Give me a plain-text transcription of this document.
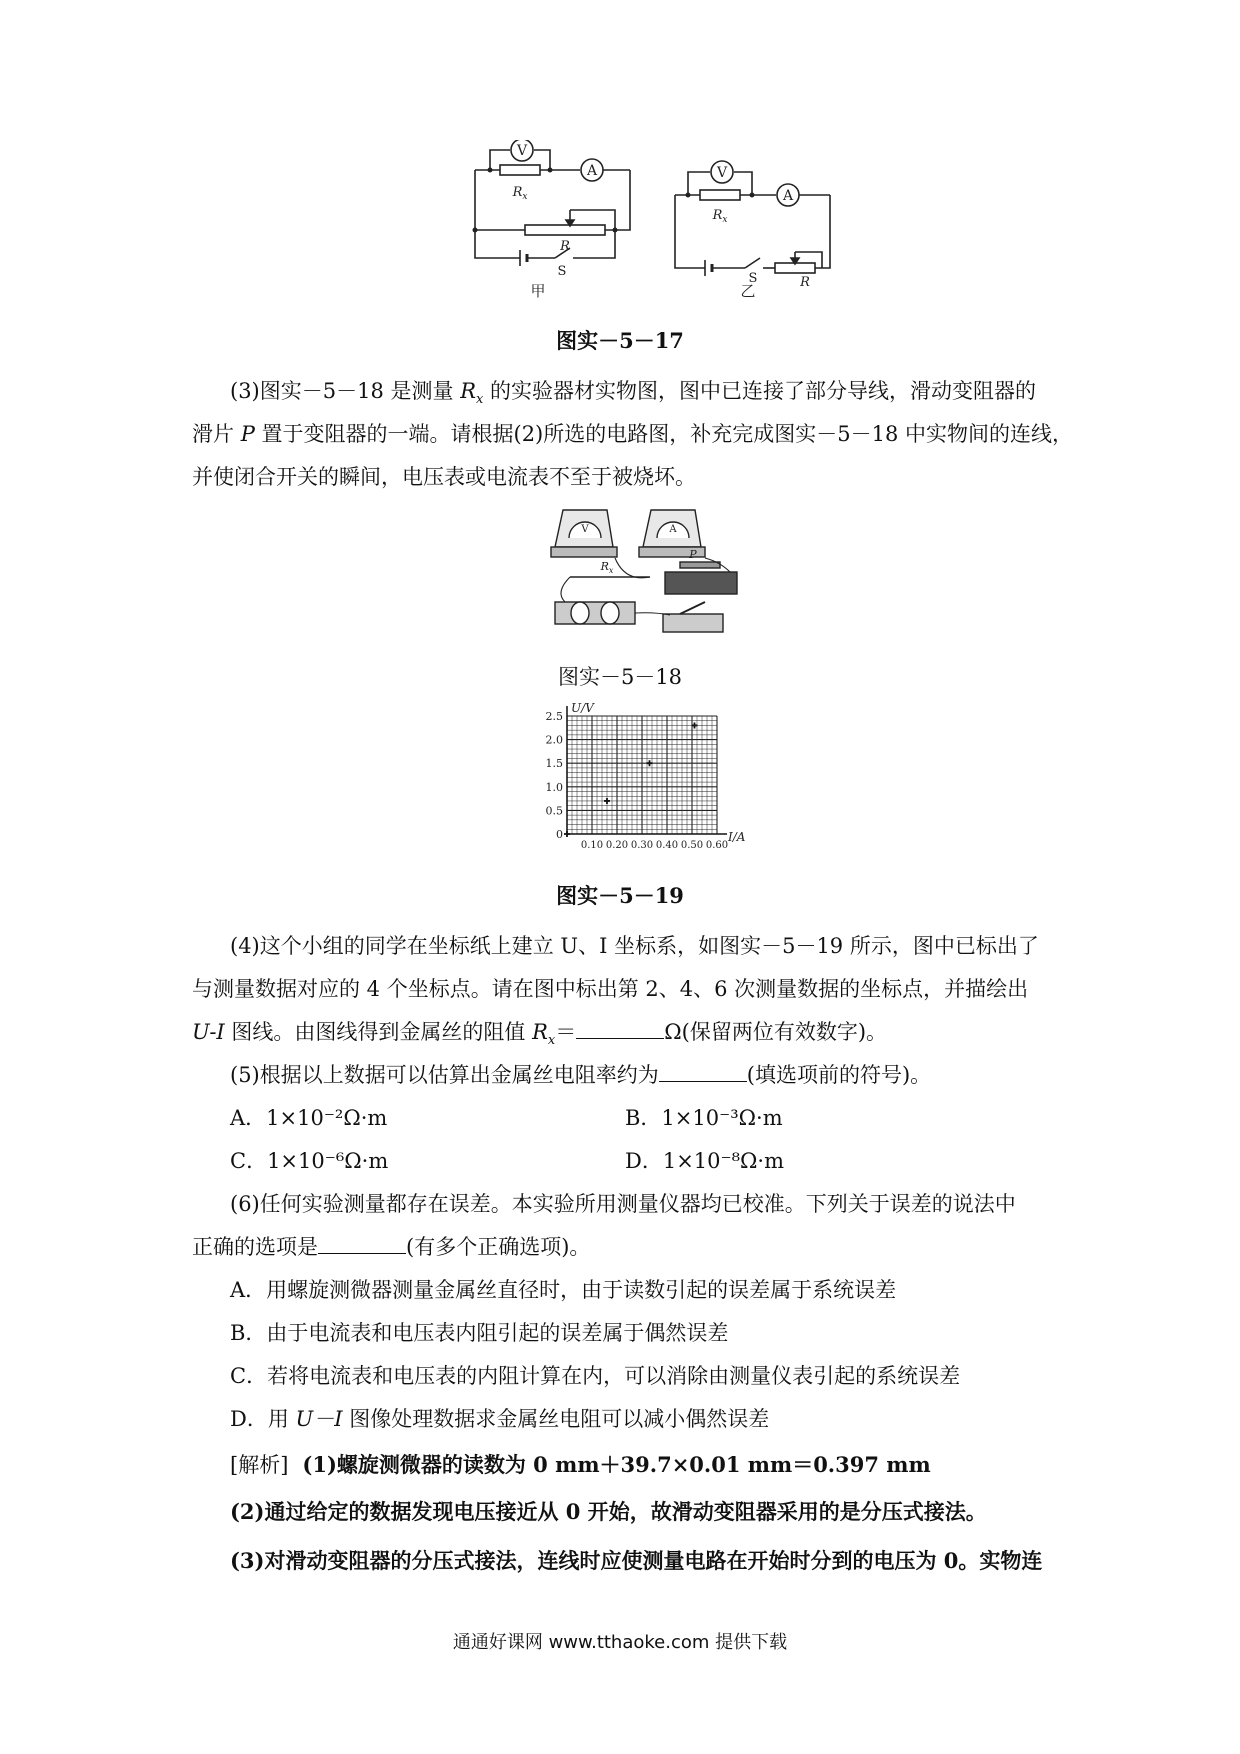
V
A
$R_x$
R
S
甲
V
A
$R_x$
S	R
乙
图实－5－17
(3)图实－5－18 是测量 $R_x$ 的实验器材实物图，图中已连接了部分导线，滑动变阻器的
滑片 P 置于变阻器的一端。请根据(2)所选的电路图，补充完成图实－5－18 中实物间的连线，
并使闭合开关的瞬间，电压表或电流表不至于被烧坏。
V	A
$R_x$
P
图实－5－18
0
0.5
1.0
1.5
2.0
2.5
0.10 0.20 0.30 0.40 0.50 0.60
U/V
I/A
图实－5－19
(4)这个小组的同学在坐标纸上建立 U、I 坐标系，如图实－5－19 所示，图中已标出了
与测量数据对应的 4 个坐标点。请在图中标出第 2、4、6 次测量数据的坐标点，并描绘出
U-I 图线。由图线得到金属丝的阻值 $R_x=$	Ω(保留两位有效数字)。
(5)根据以上数据可以估算出金属丝电阻率约为	(填选项前的符号)。
A．1×10⁻²Ω·m	B．1×10⁻³Ω·m
C．1×10⁻⁶Ω·m	D．1×10⁻⁸Ω·m
(6)任何实验测量都存在误差。本实验所用测量仪器均已校准。下列关于误差的说法中
正确的选项是	(有多个正确选项)。
A．用螺旋测微器测量金属丝直径时，由于读数引起的误差属于系统误差
B．由于电流表和电压表内阻引起的误差属于偶然误差
C．若将电流表和电压表的内阻计算在内，可以消除由测量仪表引起的系统误差
D．用 U－I 图像处理数据求金属丝电阻可以减小偶然误差
[解析] (1)螺旋测微器的读数为 0 mm＋39.7×0.01 mm＝0.397 mm
(2)通过给定的数据发现电压接近从 0 开始，故滑动变阻器采用的是分压式接法。
(3)对滑动变阻器的分压式接法，连线时应使测量电路在开始时分到的电压为 0。实物连
通通好课网 www.tthaoke.com 提供下载
